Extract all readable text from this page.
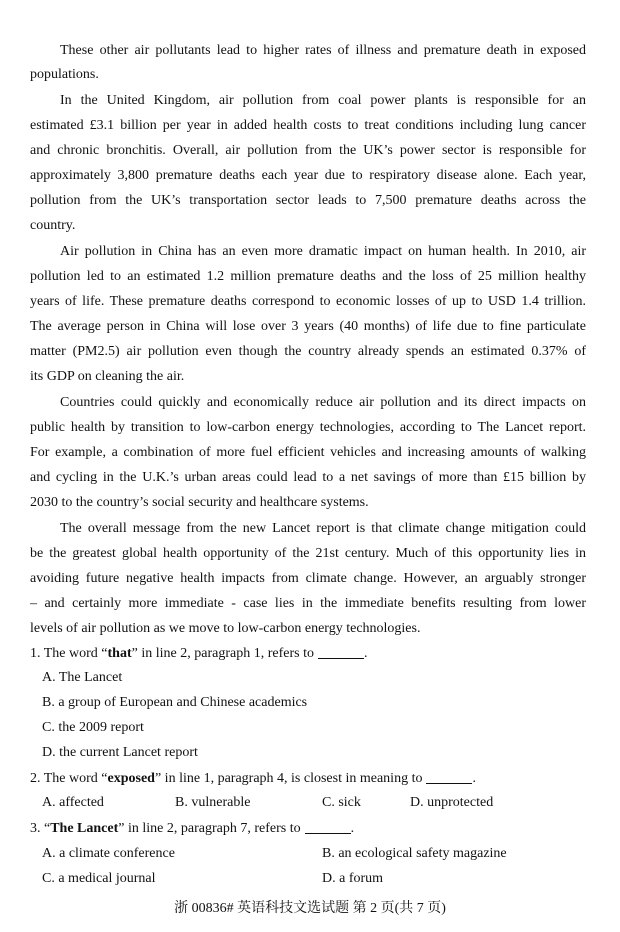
These other air pollutants lead to higher rates of illness and premature death in exposed
populations.
In the United Kingdom, air pollution from coal power plants is responsible for an
estimated £3.1 billion per year in added health costs to treat conditions including lung cancer
and chronic bronchitis. Overall, air pollution from the UK’s power sector is responsible for
approximately 3,800 premature deaths each year due to respiratory disease alone. Each year,
pollution from the UK’s transportation sector leads to 7,500 premature deaths across the
country.
Air pollution in China has an even more dramatic impact on human health. In 2010, air
pollution led to an estimated 1.2 million premature deaths and the loss of 25 million healthy
years of life. These premature deaths correspond to economic losses of up to USD 1.4 trillion.
The average person in China will lose over 3 years (40 months) of life due to fine particulate
matter (PM2.5) air pollution even though the country already spends an estimated 0.37% of
its GDP on cleaning the air.
Countries could quickly and economically reduce air pollution and its direct impacts on
public health by transition to low-carbon energy technologies, according to The Lancet report.
For example, a combination of more fuel efficient vehicles and increasing amounts of walking
and cycling in the U.K.’s urban areas could lead to a net savings of more than £15 billion by
2030 to the country’s social security and healthcare systems.
The overall message from the new Lancet report is that climate change mitigation could
be the greatest global health opportunity of the 21st century. Much of this opportunity lies in
avoiding future negative health impacts from climate change. However, an arguably stronger
– and certainly more immediate - case lies in the immediate benefits resulting from lower
levels of air pollution as we move to low-carbon energy technologies.
1. The word “that” in line 2, paragraph 1, refers to	.
A. The Lancet
B. a group of European and Chinese academics
C. the 2009 report
D. the current Lancet report
2. The word “exposed” in line 1, paragraph 4, is closest in meaning to	.
A. affected	B. vulnerable	C. sick	D. unprotected
3. “The Lancet” in line 2, paragraph 7, refers to	.
A. a climate conference	B. an ecological safety magazine
C. a medical journal	D. a forum
浙 00836# 英语科技文选试题 第 2 页(共 7 页)
